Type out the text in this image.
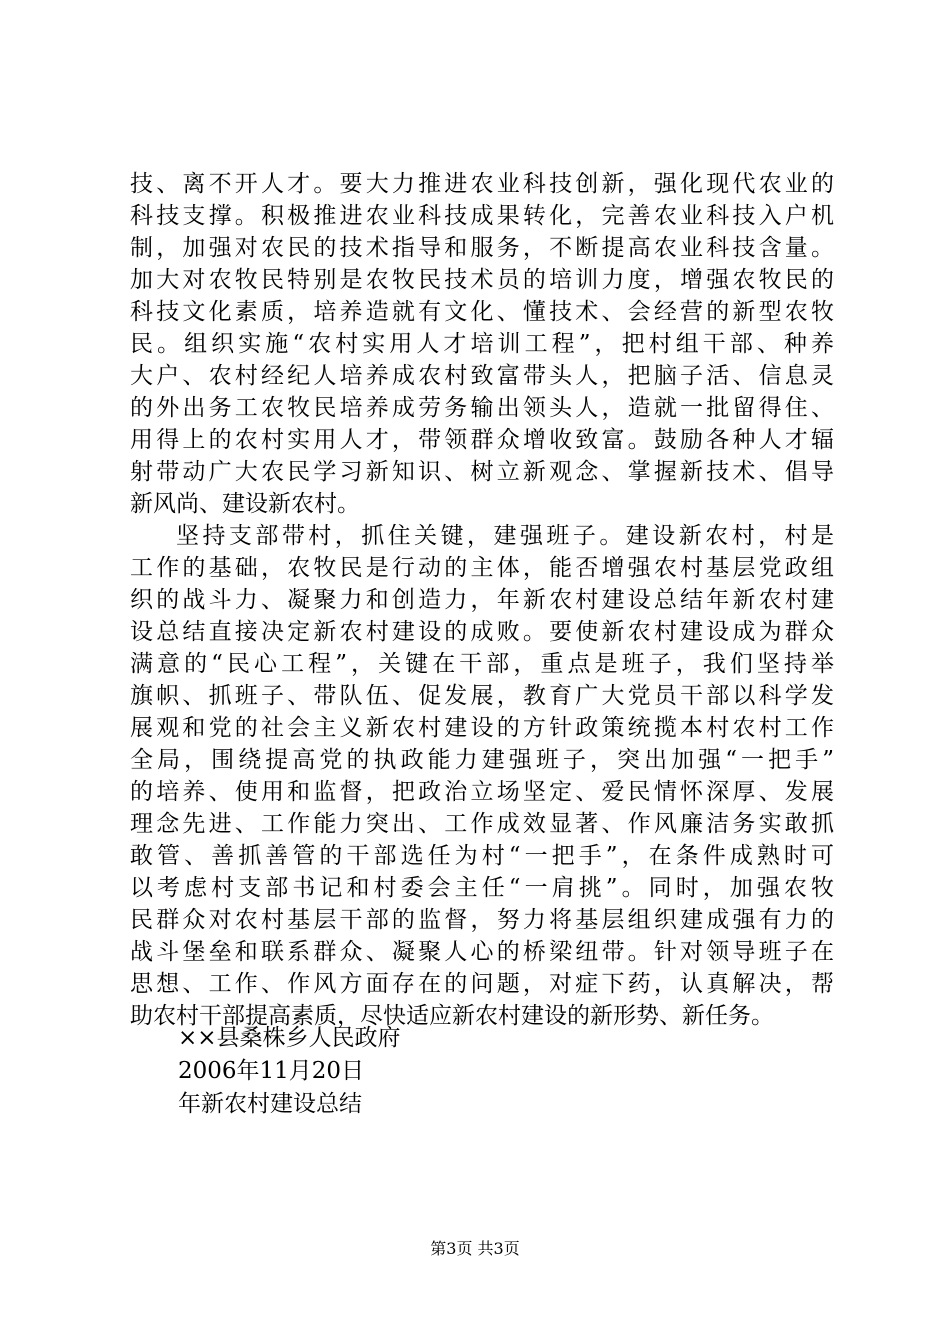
技、离不开人才。要大力推进农业科技创新，强化现代农业的
科技支撑。积极推进农业科技成果转化，完善农业科技入户机
制，加强对农民的技术指导和服务，不断提高农业科技含量。
加大对农牧民特别是农牧民技术员的培训力度，增强农牧民的
科技文化素质，培养造就有文化、懂技术、会经营的新型农牧
民。组织实施“农村实用人才培训工程”，把村组干部、种养
大户、农村经纪人培养成农村致富带头人，把脑子活、信息灵
的外出务工农牧民培养成劳务输出领头人，造就一批留得住、
用得上的农村实用人才，带领群众增收致富。鼓励各种人才辐
射带动广大农民学习新知识、树立新观念、掌握新技术、倡导
新风尚、建设新农村。
坚持支部带村，抓住关键，建强班子。建设新农村，村是
工作的基础，农牧民是行动的主体，能否增强农村基层党政组
织的战斗力、凝聚力和创造力，年新农村建设总结年新农村建
设总结直接决定新农村建设的成败。要使新农村建设成为群众
满意的“民心工程”，关键在干部，重点是班子，我们坚持举
旗帜、抓班子、带队伍、促发展，教育广大党员干部以科学发
展观和党的社会主义新农村建设的方针政策统揽本村农村工作
全局，围绕提高党的执政能力建强班子，突出加强“一把手”
的培养、使用和监督，把政治立场坚定、爱民情怀深厚、发展
理念先进、工作能力突出、工作成效显著、作风廉洁务实敢抓
敢管、善抓善管的干部选任为村“一把手”，在条件成熟时可
以考虑村支部书记和村委会主任“一肩挑”。同时，加强农牧
民群众对农村基层干部的监督，努力将基层组织建成强有力的
战斗堡垒和联系群众、凝聚人心的桥梁纽带。针对领导班子在
思想、工作、作风方面存在的问题，对症下药，认真解决，帮
助农村干部提高素质，尽快适应新农村建设的新形势、新任务。
××县桑株乡人民政府
2006年11月20日
年新农村建设总结
第3页 共3页
